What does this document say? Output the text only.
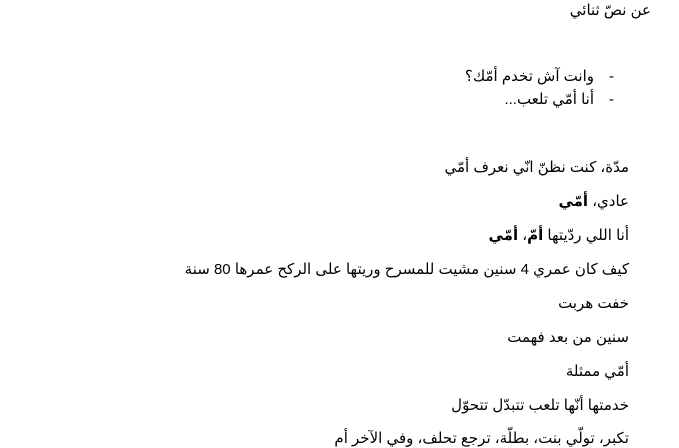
عن نصّ ثنائي
-
وانت آش تخدم أمّك؟
-
أنا أمّي تلعب...
مدّة، كنت نظنّ انّي نعرف أمّي
عادي، أمّي
أنا اللي ردّيتها أمّ، أمّي
كيف كان عمري 4 سنين مشيت للمسرح وريتها على الركح عمرها 80 سنة
خفت هربت
سنين من بعد فهمت
أمّي ممثلة
خدمتها أنّها تلعب تتبدّل تتحوّل
تكبر، تولّي بنت، بطلّة، ترجع تحلف، وفي الآخر أم
